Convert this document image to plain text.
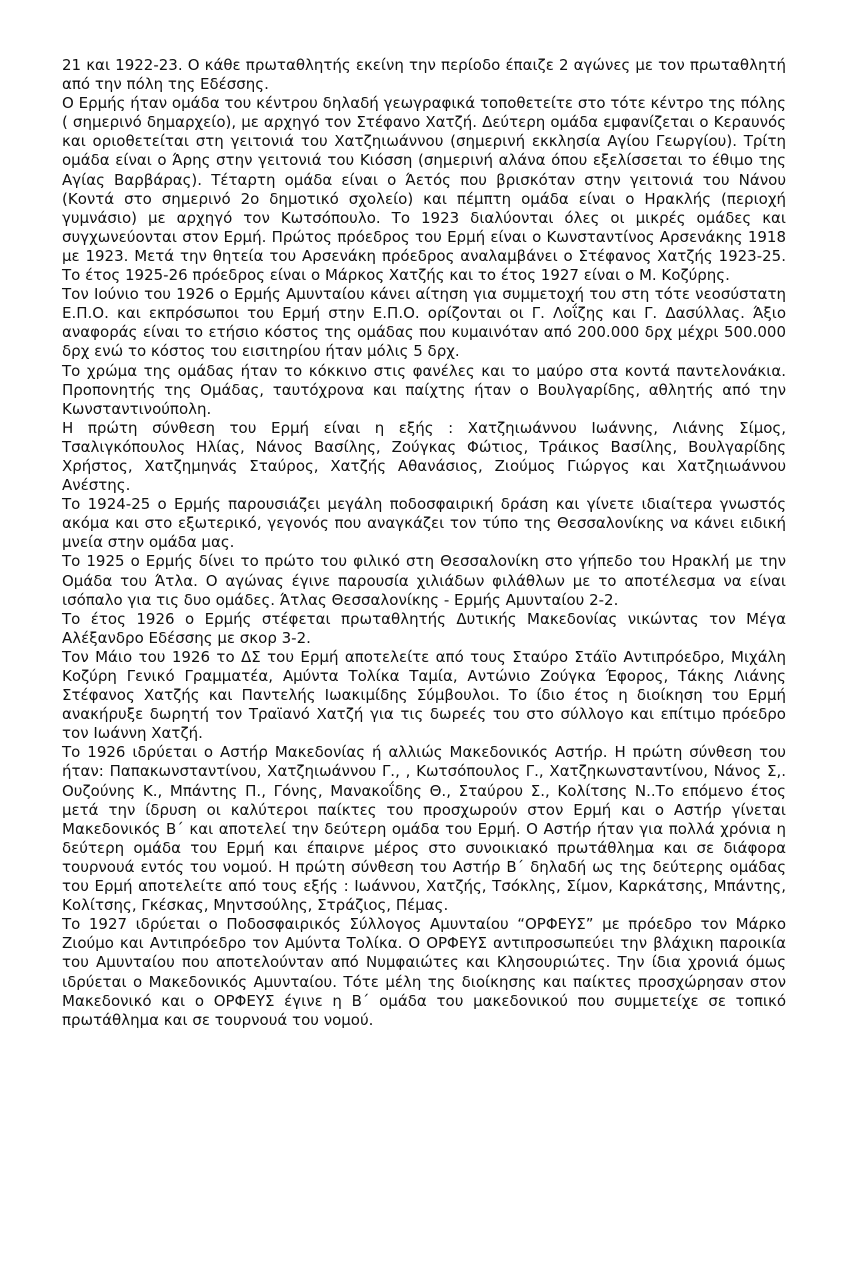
21 και 1922-23. Ο κάθε πρωταθλητής εκείνη την περίοδο έπαιζε 2 αγώνες με τον πρωταθλητή από την πόλη της Εδέσσης.

Ο Ερμής ήταν ομάδα του κέντρου δηλαδή γεωγραφικά τοποθετείτε στο τότε κέντρο της πόλης ( σημερινό δημαρχείο), με αρχηγό τον Στέφανο Χατζή. Δεύτερη ομάδα εμφανίζεται ο Κεραυνός και οριοθετείται στη γειτονιά του Χατζηιωάννου (σημερινή εκκλησία Αγίου Γεωργίου). Τρίτη ομάδα είναι ο Άρης στην γειτονιά του Κιόσση (σημερινή αλάνα όπου εξελίσσεται το έθιμο της Αγίας Βαρβάρας). Τέταρτη ομάδα είναι ο Άετός που βρισκόταν στην γειτονιά του Νάνου (Κοντά στο σημερινό 2ο δημοτικό σχολείο) και πέμπτη ομάδα είναι ο Ηρακλής (περιοχή γυμνάσιο) με αρχηγό τον Κωτσόπουλο. Το 1923 διαλύονται όλες οι μικρές ομάδες και συγχωνεύονται στον Ερμή. Πρώτος πρόεδρος του Ερμή είναι ο Κωνσταντίνος Αρσενάκης 1918 με 1923. Μετά την θητεία του Αρσενάκη πρόεδρος αναλαμβάνει ο Στέφανος Χατζής 1923-25. Το έτος 1925-26 πρόεδρος είναι ο Μάρκος Χατζής και το έτος 1927 είναι ο Μ. Κοζύρης.

Τον Ιούνιο του 1926 ο Ερμής Αμυνταίου κάνει αίτηση για συμμετοχή του στη τότε νεοσύστατη Ε.Π.Ο. και εκπρόσωποι του Ερμή στην Ε.Π.Ο. ορίζονται οι Γ. Λοΐζης και Γ. Δασύλλας. Άξιο αναφοράς είναι το ετήσιο κόστος της ομάδας που κυμαινόταν από 200.000 δρχ μέχρι 500.000 δρχ ενώ το κόστος του εισιτηρίου ήταν μόλις 5 δρχ.

Το χρώμα της ομάδας ήταν το κόκκινο στις φανέλες και το μαύρο στα κοντά παντελονάκια. Προπονητής της Ομάδας, ταυτόχρονα και παίχτης ήταν ο Βουλγαρίδης, αθλητής από την Κωνσταντινούπολη.

Η πρώτη σύνθεση του Ερμή είναι η εξής : Χατζηιωάννου Ιωάννης, Λιάνης Σίμος, Τσαλιγκόπουλος Ηλίας, Νάνος Βασίλης, Ζούγκας Φώτιος, Τράικος Βασίλης, Βουλγαρίδης Χρήστος, Χατζημηνάς Σταύρος, Χατζής Αθανάσιος, Ζιούμος Γιώργος και Χατζηιωάννου Ανέστης.

Το 1924-25 ο Ερμής παρουσιάζει μεγάλη ποδοσφαιρική δράση και γίνετε ιδιαίτερα γνωστός ακόμα και στο εξωτερικό, γεγονός που αναγκάζει τον τύπο της Θεσσαλονίκης να κάνει ειδική μνεία στην ομάδα μας.

Το 1925 ο Ερμής δίνει το πρώτο του φιλικό στη Θεσσαλονίκη στο γήπεδο του Ηρακλή με την Ομάδα του Άτλα. Ο αγώνας έγινε παρουσία χιλιάδων φιλάθλων με το αποτέλεσμα να είναι ισόπαλο για τις δυο ομάδες. Άτλας Θεσσαλονίκης - Ερμής Αμυνταίου 2-2.

Το έτος 1926 ο Ερμής στέφεται πρωταθλητής Δυτικής Μακεδονίας νικώντας τον Μέγα Αλέξανδρο Εδέσσης με σκορ 3-2.

Τον Μάιο του 1926 το ΔΣ του Ερμή αποτελείτε από τους Σταύρο Στάϊο Αντιπρόεδρο, Μιχάλη Κοζύρη Γενικό Γραμματέα, Αμύντα Τολίκα Ταμία, Αντώνιο Ζούγκα Έφορος, Τάκης Λιάνης Στέφανος Χατζής και Παντελής Ιωακιμίδης Σύμβουλοι. Το ίδιο έτος η διοίκηση του Ερμή ανακήρυξε δωρητή τον Τραϊανό Χατζή για τις δωρεές του στο σύλλογο και επίτιμο πρόεδρο τον Ιωάννη Χατζή.

Το 1926 ιδρύεται ο Αστήρ Μακεδονίας ή αλλιώς Μακεδονικός Αστήρ. Η πρώτη σύνθεση του ήταν: Παπακωνσταντίνου, Χατζηιωάννου Γ., , Κωτσόπουλος Γ., Χατζηκωνσταντίνου, Νάνος Σ,. Ουζούνης Κ., Μπάντης Π., Γόνης, Μανακοΐδης Θ., Σταύρου Σ., Κολίτσης Ν..Το επόμενο έτος μετά την ίδρυση οι καλύτεροι παίκτες του προσχωρούν στον Ερμή και ο Αστήρ γίνεται Μακεδονικός Β΄ και αποτελεί την δεύτερη ομάδα του Ερμή. Ο Αστήρ ήταν για πολλά χρόνια η δεύτερη ομάδα του Ερμή και έπαιρνε μέρος στο συνοικιακό πρωτάθλημα και σε διάφορα τουρνουά εντός του νομού. Η πρώτη σύνθεση του Αστήρ Β΄ δηλαδή ως της δεύτερης ομάδας του Ερμή αποτελείτε από τους εξής : Ιωάννου, Χατζής, Τσόκλης, Σίμον, Καρκάτσης, Μπάντης, Κολίτσης, Γκέσκας, Μηντσούλης, Στράζιος, Πέμας.

Το 1927 ιδρύεται ο Ποδοσφαιρικός Σύλλογος Αμυνταίου “ΟΡΦΕΥΣ” με πρόεδρο τον Μάρκο Ζιούμο και Αντιπρόεδρο τον Αμύντα Τολίκα. Ο ΟΡΦΕΥΣ αντιπροσωπεύει την βλάχικη παροικία του Αμυνταίου που αποτελούνταν από Νυμφαιώτες και Κλησουριώτες. Την ίδια χρονιά όμως ιδρύεται ο Μακεδονικός Αμυνταίου. Τότε μέλη της διοίκησης και παίκτες προσχώρησαν στον Μακεδονικό και ο ΟΡΦΕΥΣ έγινε η Β΄ ομάδα του μακεδονικού που συμμετείχε σε τοπικό πρωτάθλημα και σε τουρνουά του νομού.
